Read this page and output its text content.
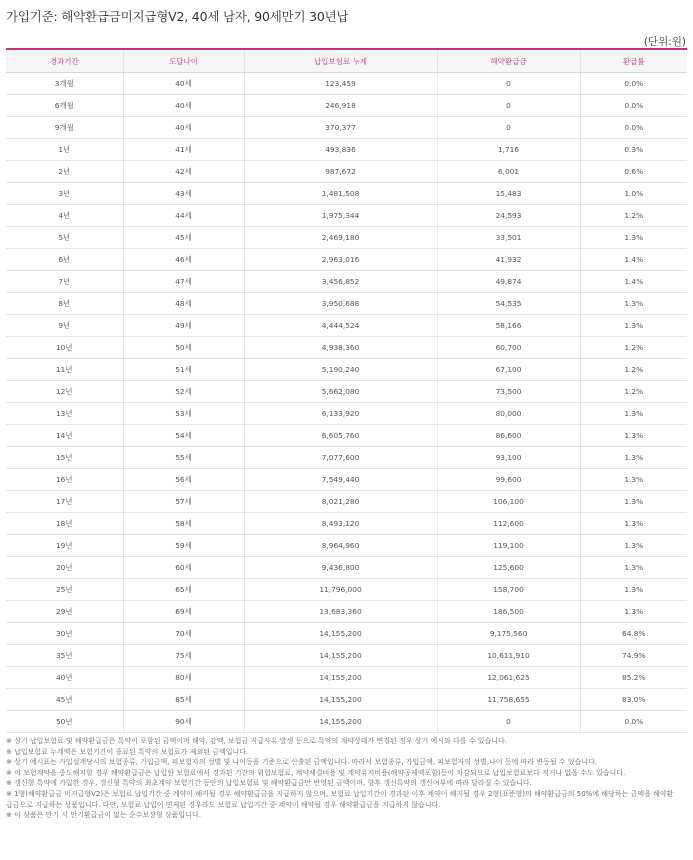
가입기준: 해약환급금미지급형V2, 40세 남자, 90세만기 30년납
(단위:원)
경과기간	도달나이	납입보험료 누계	해약환급금	환급률
3개월	40세	123,459	0	0.0%
6개월	40세	246,918	0	0.0%
9개월	40세	370,377	0	0.0%
1년	41세	493,836	1,716	0.3%
2년	42세	987,672	6,001	0.6%
3년	43세	1,481,508	15,483	1.0%
4년	44세	1,975,344	24,593	1.2%
5년	45세	2,469,180	33,501	1.3%
6년	46세	2,963,016	41,932	1.4%
7년	47세	3,456,852	49,874	1.4%
8년	48세	3,950,688	54,535	1.3%
9년	49세	4,444,524	58,166	1.3%
10년	50세	4,938,360	60,700	1.2%
11년	51세	5,190,240	67,100	1.2%
12년	52세	5,662,080	73,500	1.2%
13년	53세	6,133,920	80,000	1.3%
14년	54세	6,605,760	86,600	1.3%
15년	55세	7,077,600	93,100	1.3%
16년	56세	7,549,440	99,600	1.3%
17년	57세	8,021,280	106,100	1.3%
18년	58세	8,493,120	112,600	1.3%
19년	59세	8,964,960	119,100	1.3%
20년	60세	9,436,800	125,600	1.3%
25년	65세	11,796,000	158,700	1.3%
29년	69세	13,683,360	186,500	1.3%
30년	70세	14,155,200	9,175,560	64.8%
35년	75세	14,155,200	10,611,910	74.9%
40년	80세	14,155,200	12,061,625	85.2%
45년	85세	14,155,200	11,758,655	83.0%
50년	90세	14,155,200	0	0.0%

※ 상기 납입보험료 및 해약환급금은 특약이 포함된 금액이며 해약, 감액, 보험금 지급사유 발생 등으로 특약의 계약상태가 변경된 경우 상기 예시와 다를 수 있습니다.

※ 납입보험료 누계액은 보험기간이 종료된 특약의 보험료가 제외된 금액입니다.

※ 상기 예시표는 가입설계당시의 보험종류, 가입금액, 피보험자의 성별 및 나이등을 기준으로 산출된 금액입니다. 따라서 보험종류, 가입금액, 피보험자의 성별,나이 등에 따라 변동될 수 있습니다.

※ 이 보험계약을 중도해지할 경우 해약환급금은 납입한 보험료에서 경과된 기간의 위험보험료, 계약체결비용 및 계약유지비용(해약공제액포함)등이 차감되므로 납입보험료보다 적거나 없을 수도 있습니다.

※ 갱신형 특약에 가입한 경우, 갱신형 특약의 최초계약 보험기간 동안의 납입보험료 및 해약환급금만 반영된 금액이며, 향후 갱신특약의 갱신여부에 따라 달라질 수 있습니다.

※ 1형(해약환급금 미지급형V2)은 보험료 납입기간 중 계약이 해지될 경우 해약환급금을 지급하지 않으며, 보험료 납입기간이 경과된 이후 계약이 해지될 경우 2형(표준형)의 해약환급금의 50%에 해당하는 금액을 해약환급금으로 지급하는 상품입니다. 다만, 보험료 납입이 면제된 경우라도 보험료 납입기간 중 계약이 해약될 경우 해약환급금을 지급하지 않습니다.

※ 이 상품은 만기 시 만기환급금이 없는 순수보장형 상품입니다.
